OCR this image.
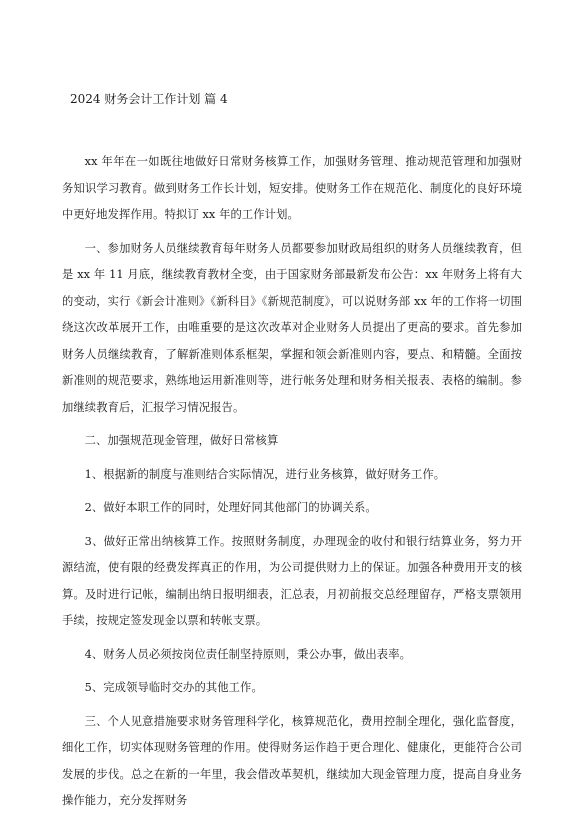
2024 财务会计工作计划 篇 4

xx 年年在一如既往地做好日常财务核算工作，加强财务管理、推动规范管理和加强财务知识学习教育。做到财务工作长计划，短安排。使财务工作在规范化、制度化的良好环境中更好地发挥作用。特拟订 xx 年的工作计划。

一、参加财务人员继续教育每年财务人员都要参加财政局组织的财务人员继续教育，但是 xx 年 11 月底，继续教育教材全变，由于国家财务部最新发布公告：xx 年财务上将有大的变动，实行《新会计准则》《新科目》《新规范制度》，可以说财务部 xx 年的工作将一切围绕这次改革展开工作，由唯重要的是这次改革对企业财务人员提出了更高的要求。首先参加财务人员继续教育，了解新准则体系框架，掌握和领会新准则内容，要点、和精髓。全面按新准则的规范要求，熟练地运用新准则等，进行帐务处理和财务相关报表、表格的编制。参加继续教育后，汇报学习情况报告。

二、加强规范现金管理，做好日常核算

1、根据新的制度与准则结合实际情况，进行业务核算，做好财务工作。

2、做好本职工作的同时，处理好同其他部门的协调关系。

3、做好正常出纳核算工作。按照财务制度，办理现金的收付和银行结算业务，努力开源结流，使有限的经费发挥真正的作用，为公司提供财力上的保证。加强各种费用开支的核算。及时进行记帐，编制出纳日报明细表，汇总表，月初前报交总经理留存，严格支票领用手续，按规定签发现金以票和转帐支票。

4、财务人员必须按岗位责任制坚持原则，秉公办事，做出表率。

5、完成领导临时交办的其他工作。

三、个人见意措施要求财务管理科学化，核算规范化，费用控制全理化，强化监督度，细化工作，切实体现财务管理的作用。使得财务运作趋于更合理化、健康化，更能符合公司发展的步伐。总之在新的一年里，我会借改革契机，继续加大现金管理力度，提高自身业务操作能力，充分发挥财务
